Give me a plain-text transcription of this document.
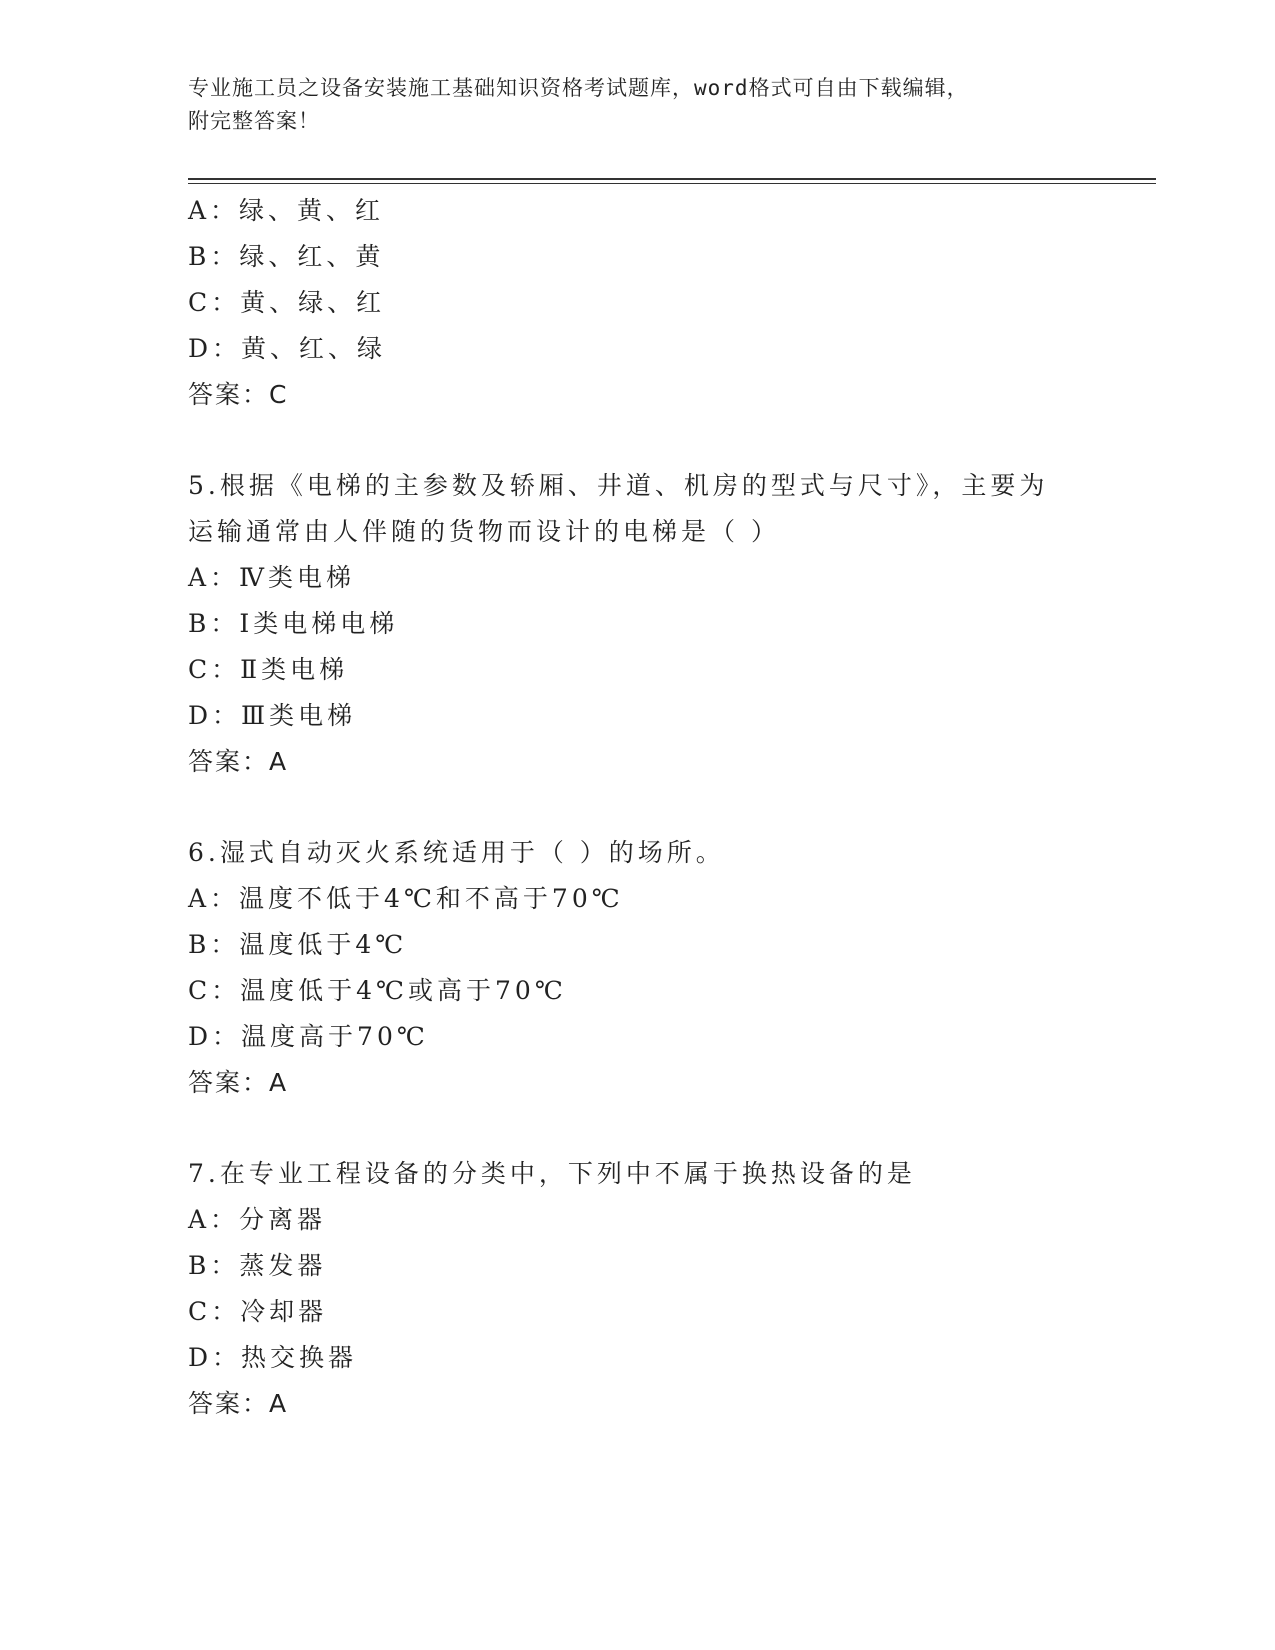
专业施工员之设备安装施工基础知识资格考试题库，word格式可自由下载编辑，
附完整答案！
A：绿、黄、红
B：绿、红、黄
C：黄、绿、红
D：黄、红、绿
答案：C
5.根据《电梯的主参数及轿厢、井道、机房的型式与尺寸》，主要为
运输通常由人伴随的货物而设计的电梯是（ ）
A：Ⅳ类电梯
B：Ⅰ类电梯电梯
C：Ⅱ类电梯
D：Ⅲ类电梯
答案：A
6.湿式自动灭火系统适用于（ ）的场所。
A：温度不低于4℃和不高于70℃
B：温度低于4℃
C：温度低于4℃或高于70℃
D：温度高于70℃
答案：A
7.在专业工程设备的分类中，下列中不属于换热设备的是
A：分离器
B：蒸发器
C：冷却器
D：热交换器
答案：A
